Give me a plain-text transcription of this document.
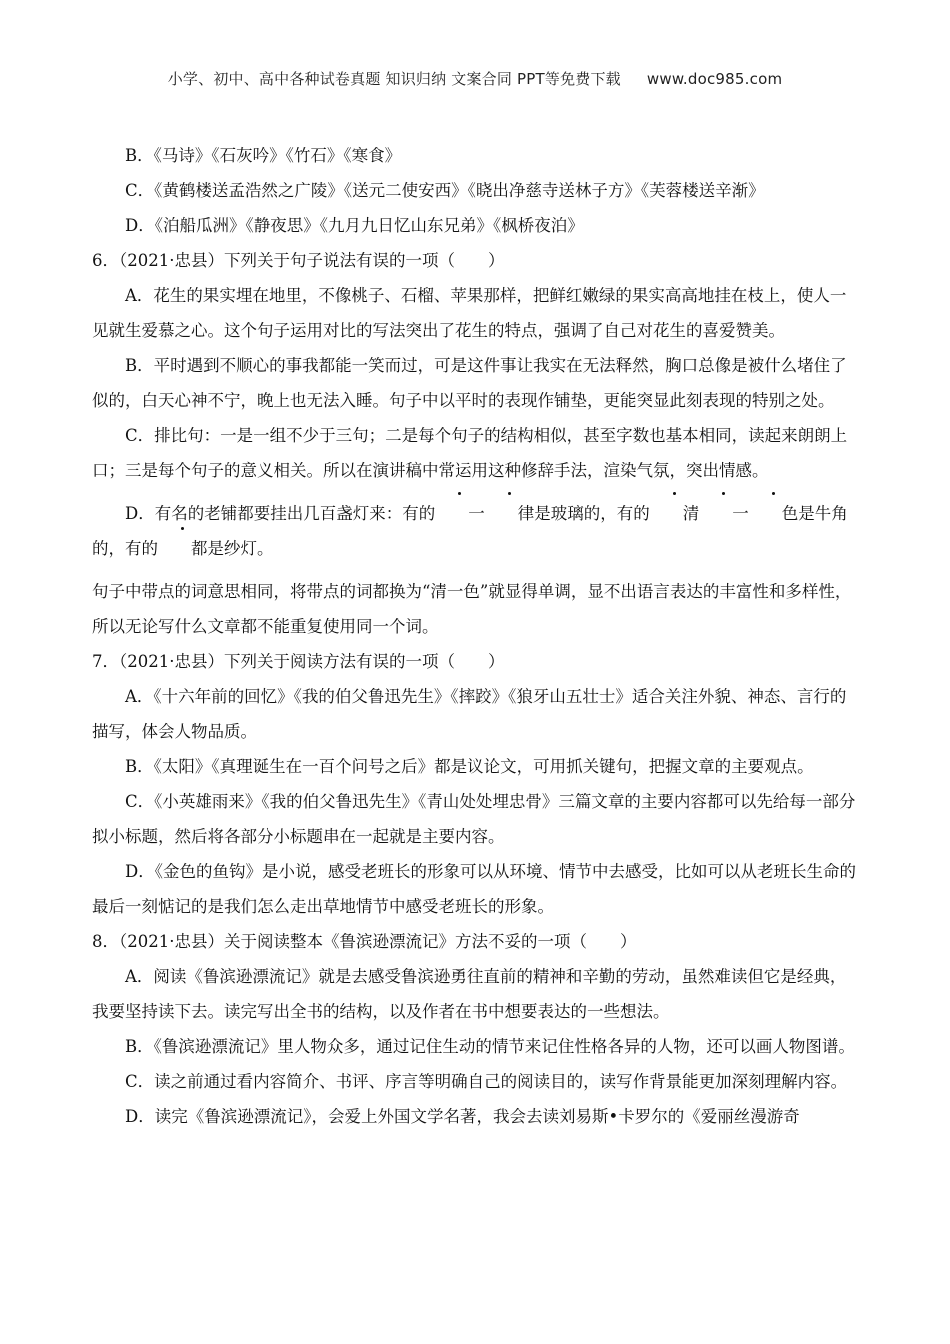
小学、初中、高中各种试卷真题 知识归纳 文案合同 PPT等免费下载 www.doc985.com

B．《马诗》《石灰吟》《竹石》《寒食》

C．《黄鹤楼送孟浩然之广陵》《送元二使安西》《晓出净慈寺送林子方》《芙蓉楼送辛渐》

D．《泊船瓜洲》《静夜思》《九月九日忆山东兄弟》《枫桥夜泊》

6．（2021·忠县）下列关于句子说法有误的一项（　　）

A．花生的果实埋在地里，不像桃子、石榴、苹果那样，把鲜红嫩绿的果实高高地挂在枝上，使人一见就生爱慕之心。这个句子运用对比的写法突出了花生的特点，强调了自己对花生的喜爱赞美。

B．平时遇到不顺心的事我都能一笑而过，可是这件事让我实在无法释然，胸口总像是被什么堵住了似的，白天心神不宁，晚上也无法入睡。句子中以平时的表现作铺垫，更能突显此刻表现的特别之处。

C．排比句：一是一组不少于三句；二是每个句子的结构相似，甚至字数也基本相同，读起来朗朗上口；三是每个句子的意义相关。所以在演讲稿中常运用这种修辞手法，渲染气氛，突出情感。

D．有名的老铺都要挂出几百盏灯来：有的 一 律是玻璃的，有的 清 一 色是牛角的，有的 都是纱灯。

句子中带点的词意思相同，将带点的词都换为“清一色”就显得单调，显不出语言表达的丰富性和多样性，所以无论写什么文章都不能重复使用同一个词。

7．（2021·忠县）下列关于阅读方法有误的一项（　　）

A．《十六年前的回忆》《我的伯父鲁迅先生》《摔跤》《狼牙山五壮士》适合关注外貌、神态、言行的描写，体会人物品质。

B．《太阳》《真理诞生在一百个问号之后》都是议论文，可用抓关键句，把握文章的主要观点。

C．《小英雄雨来》《我的伯父鲁迅先生》《青山处处埋忠骨》三篇文章的主要内容都可以先给每一部分拟小标题，然后将各部分小标题串在一起就是主要内容。

D．《金色的鱼钩》是小说，感受老班长的形象可以从环境、情节中去感受，比如可以从老班长生命的最后一刻惦记的是我们怎么走出草地情节中感受老班长的形象。

8．（2021·忠县）关于阅读整本《鲁滨逊漂流记》方法不妥的一项（　　）

A．阅读《鲁滨逊漂流记》就是去感受鲁滨逊勇往直前的精神和辛勤的劳动，虽然难读但它是经典，我要坚持读下去。读完写出全书的结构，以及作者在书中想要表达的一些想法。

B．《鲁滨逊漂流记》里人物众多，通过记住生动的情节来记住性格各异的人物，还可以画人物图谱。

C．读之前通过看内容简介、书评、序言等明确自己的阅读目的，读写作背景能更加深刻理解内容。

D．读完《鲁滨逊漂流记》，会爱上外国文学名著，我会去读刘易斯•卡罗尔的《爱丽丝漫游奇
